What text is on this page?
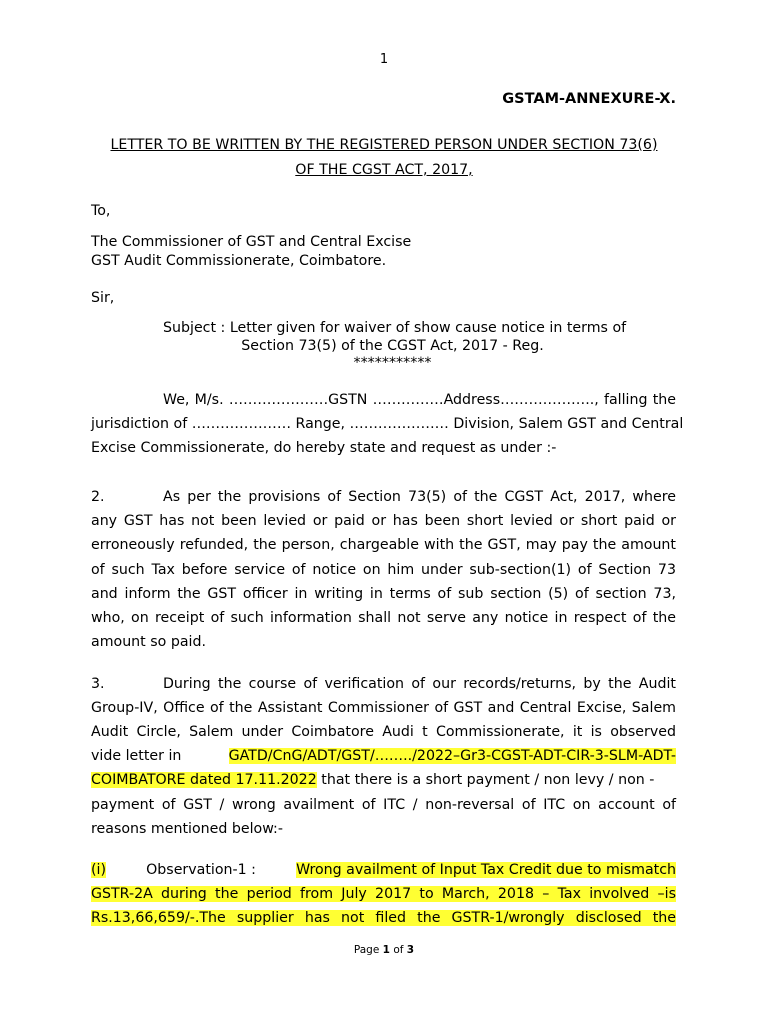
1
GSTAM-ANNEXURE-X.
LETTER TO BE WRITTEN BY THE REGISTERED PERSON UNDER SECTION 73(6)
OF THE CGST ACT, 2017,
To,
The Commissioner of GST and Central Excise
GST Audit Commissionerate, Coimbatore.
Sir,
Subject : Letter given for waiver of show cause notice in terms of
Section 73(5) of the CGST Act, 2017 - Reg.
***********
We, M/s. …………………GSTN ……………Address……………….., falling the
jurisdiction of ………………… Range, ………………… Division, Salem GST and Central
Excise Commissionerate, do hereby state and request as under :-
2.	As per the provisions of Section 73(5) of the CGST Act, 2017, where
any GST has not been levied or paid or has been short levied or short paid or
erroneously refunded, the person, chargeable with the GST, may pay the amount
of such Tax before service of notice on him under sub-section(1) of Section 73
and inform the GST officer in writing in terms of sub section (5) of section 73,
who, on receipt of such information shall not serve any notice in respect of the
amount so paid.
3.	During the course of verification of our records/returns, by the Audit
Group-IV, Office of the Assistant Commissioner of GST and Central Excise, Salem
Audit Circle, Salem under Coimbatore Audi t Commissionerate, it is observed
vide letter in	GATD/CnG/ADT/GST/……../2022–Gr3-CGST-ADT-CIR-3-SLM-ADT-
COIMBATORE dated 17.11.2022 that there is a short payment / non levy / non -
payment of GST / wrong availment of ITC / non-reversal of ITC on account of
reasons mentioned below:-
(i)	Observation-1 :	Wrong availment of Input Tax Credit due to mismatch
GSTR-2A during the period from July 2017 to March, 2018 – Tax involved –is
Rs.13,66,659/-.The supplier has not filed the GSTR-1/wrongly disclosed the
Page 1 of 3
